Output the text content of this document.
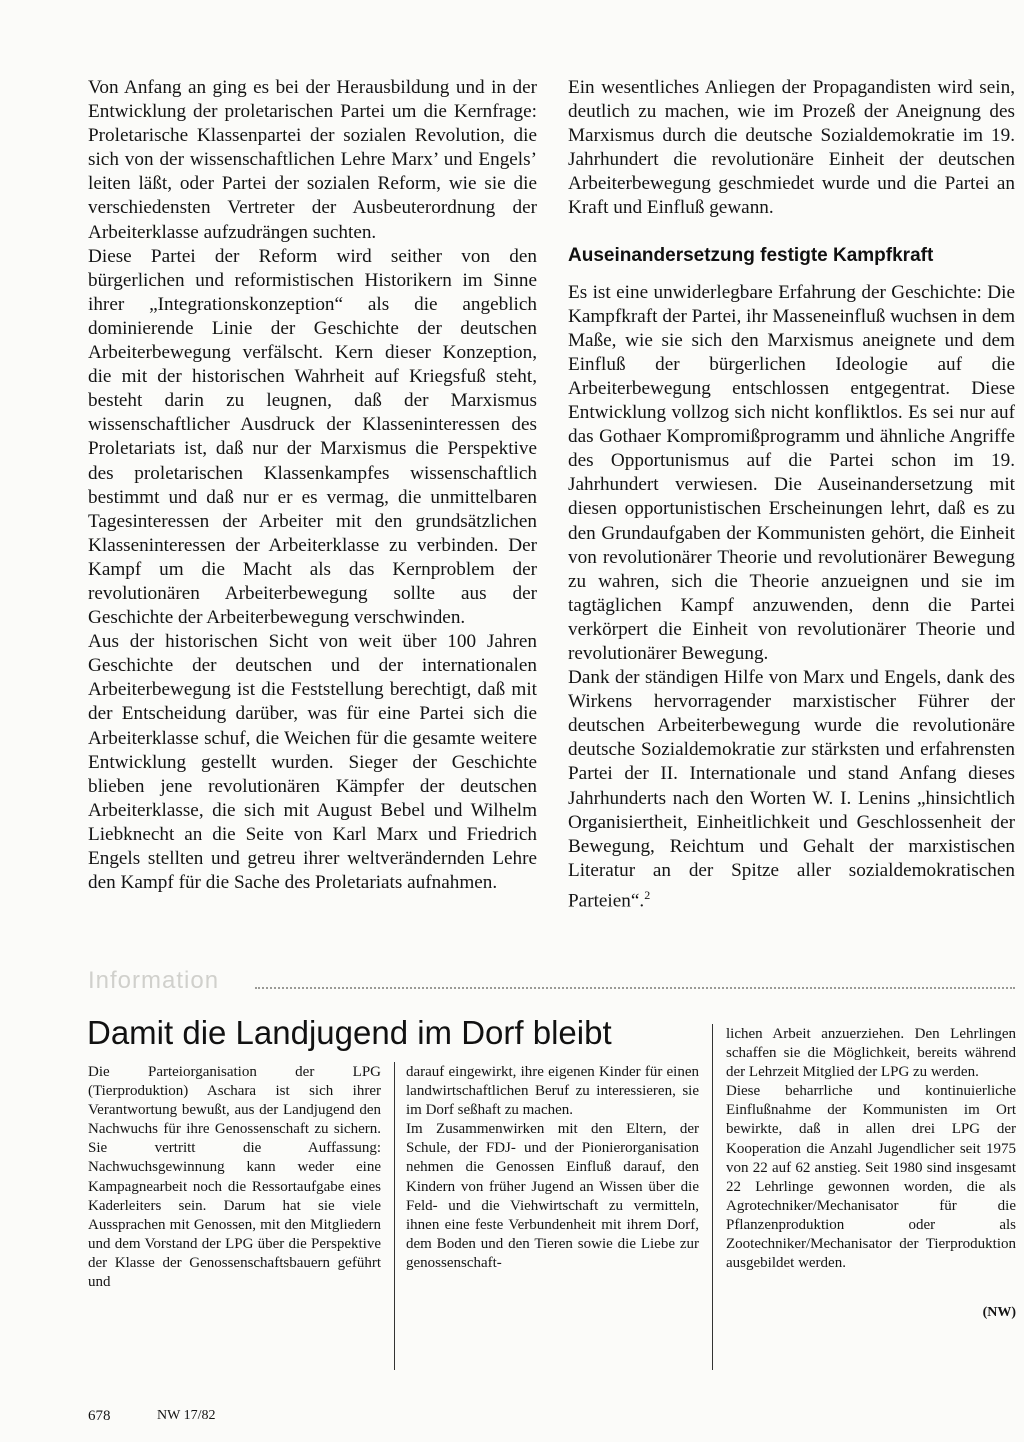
Von Anfang an ging es bei der Herausbildung und in der Entwicklung der proletarischen Partei um die Kernfrage: Proletarische Klassenpartei der sozialen Revolution, die sich von der wissenschaftlichen Lehre Marx’ und Engels’ leiten läßt, oder Partei der sozialen Reform, wie sie die verschiedensten Vertreter der Ausbeuterordnung der Arbeiterklasse aufzudrängen suchten.

Diese Partei der Reform wird seither von den bürgerlichen und reformistischen Historikern im Sinne ihrer „Integrationskonzeption“ als die angeblich dominierende Linie der Geschichte der deutschen Arbeiterbewegung verfälscht. Kern dieser Konzeption, die mit der historischen Wahrheit auf Kriegsfuß steht, besteht darin zu leugnen, daß der Marxismus wissenschaftlicher Ausdruck der Klasseninteressen des Proletariats ist, daß nur der Marxismus die Perspektive des proletarischen Klassenkampfes wissenschaftlich bestimmt und daß nur er es vermag, die unmittelbaren Tagesinteressen der Arbeiter mit den grundsätzlichen Klasseninteressen der Arbeiterklasse zu verbinden. Der Kampf um die Macht als das Kernproblem der revolutionären Arbeiterbewegung sollte aus der Geschichte der Arbeiterbewegung verschwinden.

Aus der historischen Sicht von weit über 100 Jahren Geschichte der deutschen und der internationalen Arbeiterbewegung ist die Feststellung berechtigt, daß mit der Entscheidung darüber, was für eine Partei sich die Arbeiterklasse schuf, die Weichen für die gesamte weitere Entwicklung gestellt wurden. Sieger der Geschichte blieben jene revolutionären Kämpfer der deutschen Arbeiterklasse, die sich mit August Bebel und Wilhelm Liebknecht an die Seite von Karl Marx und Friedrich Engels stellten und getreu ihrer weltverändernden Lehre den Kampf für die Sache des Proletariats aufnahmen.

Ein wesentliches Anliegen der Propagandisten wird sein, deutlich zu machen, wie im Prozeß der Aneignung des Marxismus durch die deutsche Sozialdemokratie im 19. Jahrhundert die revolutionäre Einheit der deutschen Arbeiterbewegung geschmiedet wurde und die Partei an Kraft und Einfluß gewann.

Auseinandersetzung festigte Kampfkraft

Es ist eine unwiderlegbare Erfahrung der Geschichte: Die Kampfkraft der Partei, ihr Masseneinfluß wuchsen in dem Maße, wie sie sich den Marxismus aneignete und dem Einfluß der bürgerlichen Ideologie auf die Arbeiterbewegung entschlossen entgegentrat. Diese Entwicklung vollzog sich nicht konfliktlos. Es sei nur auf das Gothaer Kompromißprogramm und ähnliche Angriffe des Opportunismus auf die Partei schon im 19. Jahrhundert verwiesen. Die Auseinandersetzung mit diesen opportunistischen Erscheinungen lehrt, daß es zu den Grundaufgaben der Kommunisten gehört, die Einheit von revolutionärer Theorie und revolutionärer Bewegung zu wahren, sich die Theorie anzueignen und sie im tagtäglichen Kampf anzuwenden, denn die Partei verkörpert die Einheit von revolutionärer Theorie und revolutionärer Bewegung.

Dank der ständigen Hilfe von Marx und Engels, dank des Wirkens hervorragender marxistischer Führer der deutschen Arbeiterbewegung wurde die revolutionäre deutsche Sozialdemokratie zur stärksten und erfahrensten Partei der II. Internationale und stand Anfang dieses Jahrhunderts nach den Worten W. I. Lenins „hinsichtlich Organisiertheit, Einheitlichkeit und Geschlossenheit der Bewegung, Reichtum und Gehalt der marxistischen Literatur an der Spitze aller sozialdemokratischen Parteien“.$^2$

Information
Damit die Landjugend im Dorf bleibt

Die Parteiorganisation der LPG (Tierproduktion) Aschara ist sich ihrer Verantwortung bewußt, aus der Landjugend den Nachwuchs für ihre Genossenschaft zu sichern. Sie vertritt die Auffassung: Nachwuchsgewinnung kann weder eine Kampagnearbeit noch die Ressortaufgabe eines Kaderleiters sein. Darum hat sie viele Aussprachen mit Genossen, mit den Mitgliedern und dem Vorstand der LPG über die Perspektive der Klasse der Genossenschaftsbauern geführt und

darauf eingewirkt, ihre eigenen Kinder für einen landwirtschaftlichen Beruf zu interessieren, sie im Dorf seßhaft zu machen.

Im Zusammenwirken mit den Eltern, der Schule, der FDJ- und der Pionierorganisation nehmen die Genossen Einfluß darauf, den Kindern von früher Jugend an Wissen über die Feld- und die Viehwirtschaft zu vermitteln, ihnen eine feste Verbundenheit mit ihrem Dorf, dem Boden und den Tieren sowie die Liebe zur genossenschaft-

lichen Arbeit anzuerziehen. Den Lehrlingen schaffen sie die Möglichkeit, bereits während der Lehrzeit Mitglied der LPG zu werden.

Diese beharrliche und kontinuierliche Einflußnahme der Kommunisten im Ort bewirkte, daß in allen drei LPG der Kooperation die Anzahl Jugendlicher seit 1975 von 22 auf 62 anstieg. Seit 1980 sind insgesamt 22 Lehrlinge gewonnen worden, die als Agrotechniker/Mechanisator für die Pflanzenproduktion oder als Zootechniker/Mechanisator der Tierproduktion ausgebildet werden.

(NW)
678	NW 17/82
